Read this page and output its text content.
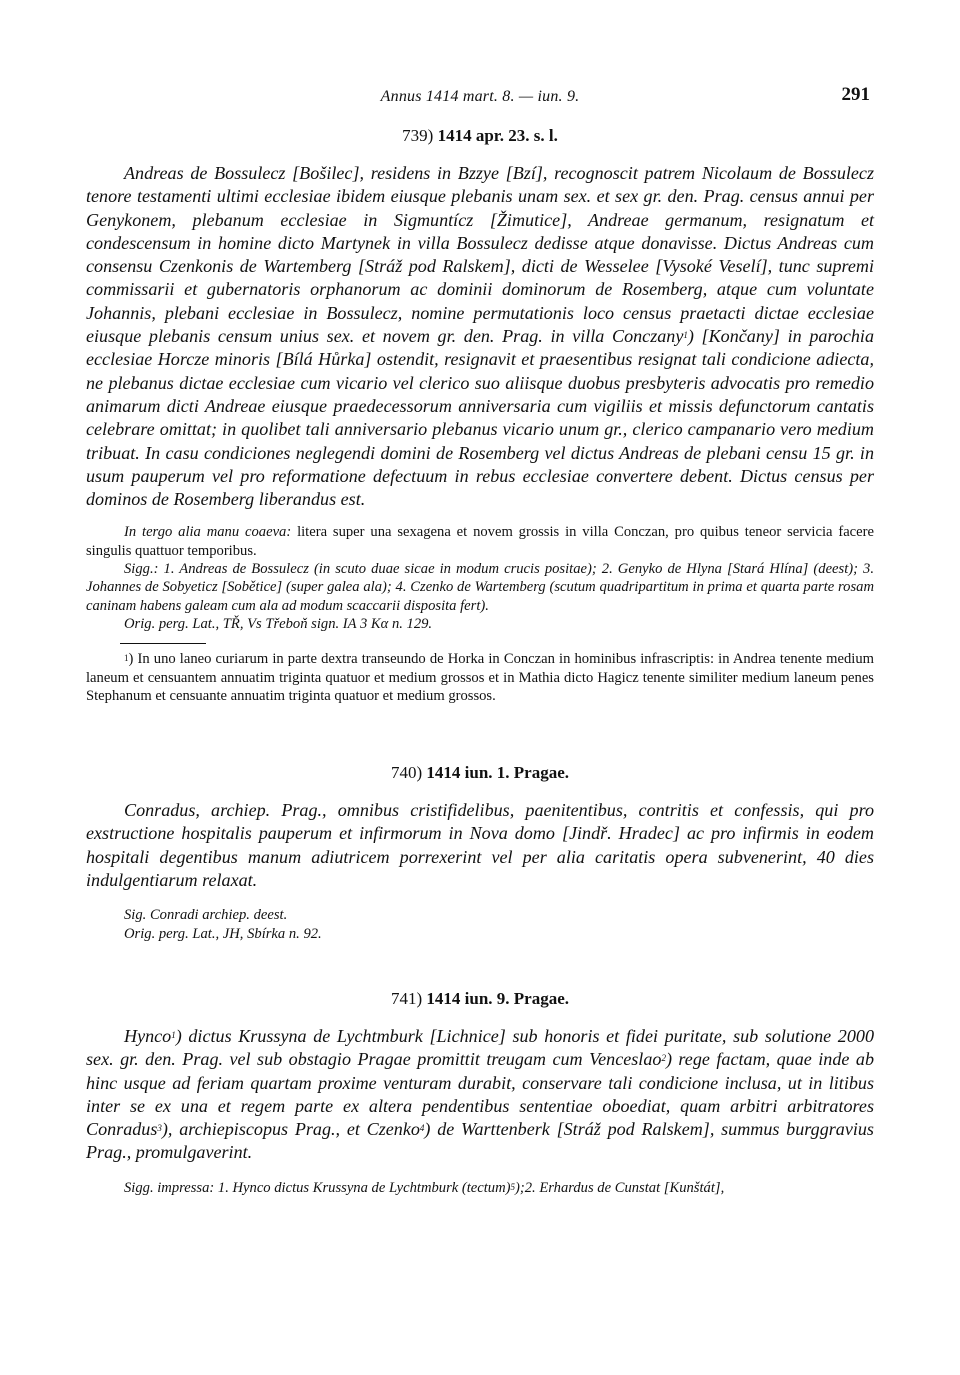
Annus 1414 mart. 8. — iun. 9.	291
739) 1414 apr. 23. s. l.

Andreas de Bossulecz [Bošilec], residens in Bzzye [Bzí], recognoscit patrem Nicolaum de Bossulecz tenore testamenti ultimi ecclesiae ibidem eiusque plebanis unam sex. et sex gr. den. Prag. census annui per Genykonem, plebanum ecclesiae in Sigmuntícz [Žimutice], Andreae germanum, resignatum et condescensum in homine dicto Martynek in villa Bossulecz dedisse atque donavisse. Dictus Andreas cum consensu Czenkonis de Wartemberg [Stráž pod Ralskem], dicti de Wesselee [Vysoké Veselí], tunc supremi commissarii et gubernatoris orphanorum ac dominii dominorum de Rosemberg, atque cum voluntate Johannis, plebani ecclesiae in Bossulecz, nomine permutationis loco census praetacti dictae ecclesiae eiusque plebanis censum unius sex. et novem gr. den. Prag. in villa Conczany$^1$) [Končany] in parochia ecclesiae Horcze minoris [Bílá Hůrka] ostendit, resignavit et praesentibus resignat tali condicione adiecta, ne plebanus dictae ecclesiae cum vicario vel clerico suo aliisque duobus presbyteris advocatis pro remedio animarum dicti Andreae eiusque praedecessorum anniversaria cum vigiliis et missis defunctorum cantatis celebrare omittat; in quolibet tali anniversario plebanus vicario unum gr., clerico campanario vero medium tribuat. In casu condiciones neglegendi domini de Rosemberg vel dictus Andreas de plebani censu 15 gr. in usum pauperum vel pro reformatione defectuum in rebus ecclesiae convertere debent. Dictus census per dominos de Rosemberg liberandus est.

In tergo alia manu coaeva: litera super una sexagena et novem grossis in villa Conczan, pro quibus teneor servicia facere singulis quattuor temporibus.

Sigg.: 1. Andreas de Bossulecz (in scuto duae sicae in modum crucis positae); 2. Genyko de Hlyna [Stará Hlína] (deest); 3. Johannes de Sobyeticz [Sobětice] (super galea ala); 4. Czenko de Wartemberg (scutum quadripartitum in prima et quarta parte rosam caninam habens galeam cum ala ad modum scaccarii disposita fert).

Orig. perg. Lat., TŘ, Vs Třeboň sign. IA 3 Kα n. 129.

$^1$) In uno laneo curiarum in parte dextra transeundo de Horka in Conczan in hominibus infrascriptis: in Andrea tenente medium laneum et censuantem annuatim triginta quatuor et medium grossos et in Mathia dicto Hagicz tenente similiter medium laneum penes Stephanum et censuante annuatim triginta quatuor et medium grossos.

740) 1414 iun. 1. Pragae.

Conradus, archiep. Prag., omnibus cristifidelibus, paenitentibus, contritis et confessis, qui pro exstructione hospitalis pauperum et infirmorum in Nova domo [Jindř. Hradec] ac pro infirmis in eodem hospitali degentibus manum adiutricem porrexerint vel per alia caritatis opera subvenerint, 40 dies indulgentiarum relaxat.

Sig. Conradi archiep. deest.

Orig. perg. Lat., JH, Sbírka n. 92.

741) 1414 iun. 9. Pragae.

Hynco$^1$) dictus Krussyna de Lychtmburk [Lichnice] sub honoris et fidei puritate, sub solutione 2000 sex. gr. den. Prag. vel sub obstagio Pragae promittit treugam cum Venceslao$^2$) rege factam, quae inde ab hinc usque ad feriam quartam proxime venturam durabit, conservare tali condicione inclusa, ut in litibus inter se ex una et regem parte ex altera pendentibus sententiae oboediat, quam arbitri arbitratores Conradus$^3$), archiepiscopus Prag., et Czenko$^4$) de Warttenberk [Stráž pod Ralskem], summus burggravius Prag., promulgaverint.

Sigg. impressa: 1. Hynco dictus Krussyna de Lychtmburk (tectum)$^5$);2. Erhardus de Cunstat [Kunštát],
